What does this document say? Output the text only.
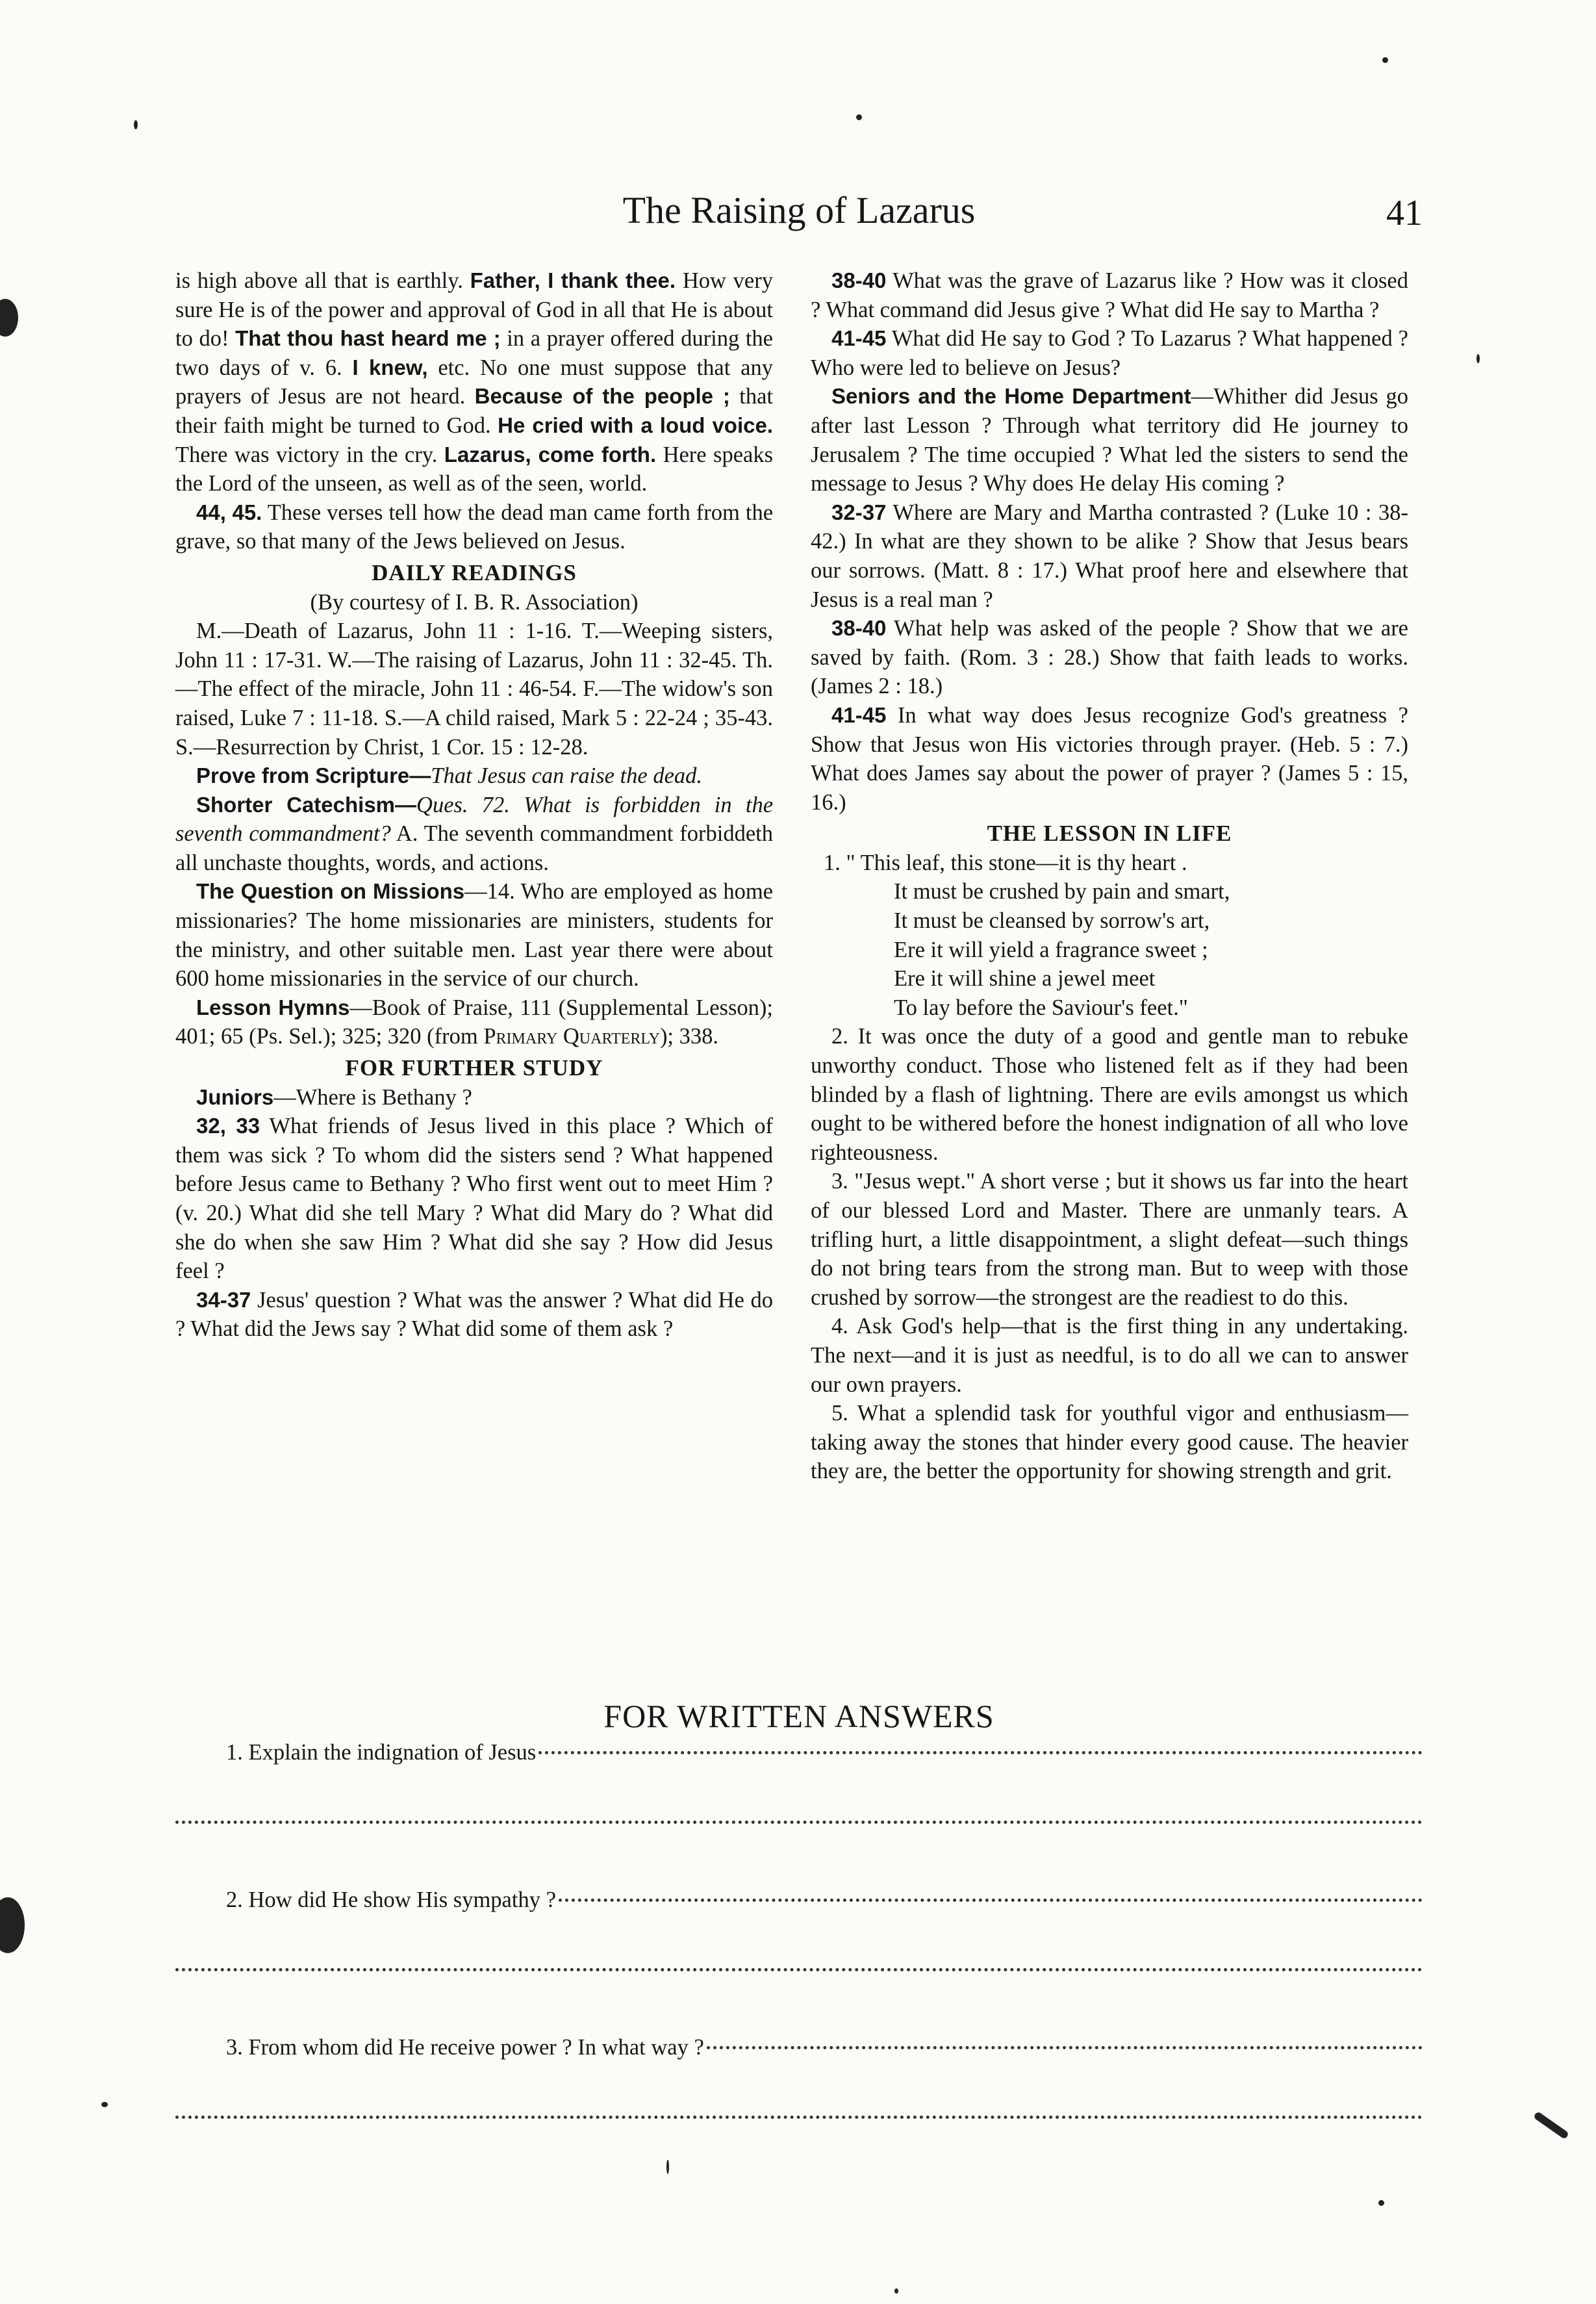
The Raising of Lazarus	41

is high above all that is earthly. Father, I thank thee. How very sure He is of the power and approval of God in all that He is about to do! That thou hast heard me ; in a prayer offered during the two days of v. 6. I knew, etc. No one must suppose that any prayers of Jesus are not heard. Because of the people ; that their faith might be turned to God. He cried with a loud voice. There was victory in the cry. Lazarus, come forth. Here speaks the Lord of the unseen, as well as of the seen, world.

44, 45. These verses tell how the dead man came forth from the grave, so that many of the Jews believed on Jesus.

DAILY READINGS

(By courtesy of I. B. R. Association)

M.—Death of Lazarus, John 11 : 1-16. T.—Weeping sisters, John 11 : 17-31. W.—The raising of Lazarus, John 11 : 32-45. Th.—The effect of the miracle, John 11 : 46-54. F.—The widow's son raised, Luke 7 : 11-18. S.—A child raised, Mark 5 : 22-24 ; 35-43. S.—Resurrection by Christ, 1 Cor. 15 : 12-28.

Prove from Scripture—That Jesus can raise the dead.

Shorter Catechism—Ques. 72. What is forbidden in the seventh commandment? A. The seventh commandment forbiddeth all unchaste thoughts, words, and actions.

The Question on Missions—14. Who are employed as home missionaries? The home missionaries are ministers, students for the ministry, and other suitable men. Last year there were about 600 home missionaries in the service of our church.

Lesson Hymns—Book of Praise, 111 (Supplemental Lesson); 401; 65 (Ps. Sel.); 325; 320 (from Primary Quarterly); 338.

FOR FURTHER STUDY

Juniors—Where is Bethany ?

32, 33 What friends of Jesus lived in this place ? Which of them was sick ? To whom did the sisters send ? What happened before Jesus came to Bethany ? Who first went out to meet Him ? (v. 20.) What did she tell Mary ? What did Mary do ? What did she do when she saw Him ? What did she say ? How did Jesus feel ?

34-37 Jesus' question ? What was the answer ? What did He do ? What did the Jews say ? What did some of them ask ?

38-40 What was the grave of Lazarus like ? How was it closed ? What command did Jesus give ? What did He say to Martha ?

41-45 What did He say to God ? To Lazarus ? What happened ? Who were led to believe on Jesus?

Seniors and the Home Department—Whither did Jesus go after last Lesson ? Through what territory did He journey to Jerusalem ? The time occupied ? What led the sisters to send the message to Jesus ? Why does He delay His coming ?

32-37 Where are Mary and Martha contrasted ? (Luke 10 : 38-42.) In what are they shown to be alike ? Show that Jesus bears our sorrows. (Matt. 8 : 17.) What proof here and elsewhere that Jesus is a real man ?

38-40 What help was asked of the people ? Show that we are saved by faith. (Rom. 3 : 28.) Show that faith leads to works. (James 2 : 18.)

41-45 In what way does Jesus recognize God's greatness ? Show that Jesus won His victories through prayer. (Heb. 5 : 7.) What does James say about the power of prayer ? (James 5 : 15, 16.)

THE LESSON IN LIFE
1. " This leaf, this stone—it is thy heart .
It must be crushed by pain and smart,
It must be cleansed by sorrow's art,
Ere it will yield a fragrance sweet ;
Ere it will shine a jewel meet
To lay before the Saviour's feet."

2. It was once the duty of a good and gentle man to rebuke unworthy conduct. Those who listened felt as if they had been blinded by a flash of lightning. There are evils amongst us which ought to be withered before the honest indignation of all who love righteousness.

3. "Jesus wept." A short verse ; but it shows us far into the heart of our blessed Lord and Master. There are unmanly tears. A trifling hurt, a little disappointment, a slight defeat—such things do not bring tears from the strong man. But to weep with those crushed by sorrow—the strongest are the readiest to do this.

4. Ask God's help—that is the first thing in any undertaking. The next—and it is just as needful, is to do all we can to answer our own prayers.

5. What a splendid task for youthful vigor and enthusiasm—taking away the stones that hinder every good cause. The heavier they are, the better the opportunity for showing strength and grit.

FOR WRITTEN ANSWERS
1. Explain the indignation of Jesus
2. How did He show His sympathy ?
3. From whom did He receive power ? In what way ?
